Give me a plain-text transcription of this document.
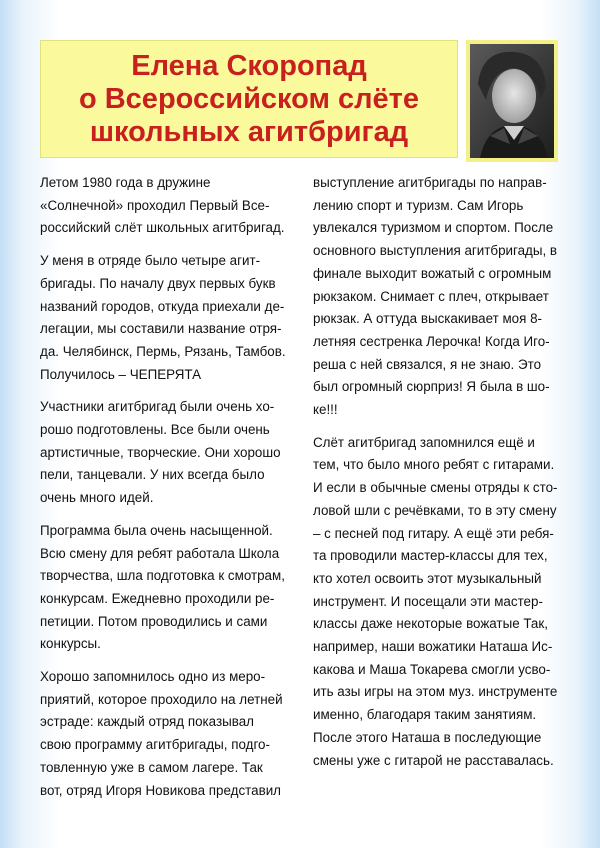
Елена Скоропад
о Всероссийском слёте
школьных агитбригад

Летом 1980 года в дружине
«Солнечной» проходил Первый Все-
российский слёт школьных агитбригад.

У меня в отряде было четыре агит-
бригады. По началу двух первых букв
названий городов, откуда приехали де-
легации, мы составили название отря-
да. Челябинск, Пермь, Рязань, Тамбов.
Получилось – ЧЕПЕРЯТА

Участники агитбригад были очень хо-
рошо подготовлены. Все были очень
артистичные, творческие. Они хорошо
пели, танцевали. У них всегда было
очень много идей.

Программа была очень насыщенной.
Всю смену для ребят работала Школа
творчества, шла подготовка к смотрам,
конкурсам. Ежедневно проходили ре-
петиции. Потом проводились и сами
конкурсы.

Хорошо запомнилось одно из меро-
приятий, которое проходило на летней
эстраде: каждый отряд показывал
свою программу агитбригады, подго-
товленную уже в самом лагере. Так
вот, отряд Игоря Новикова представил

выступление агитбригады по направ-
лению спорт и туризм. Сам Игорь
увлекался туризмом и спортом. После
основного выступления агитбригады, в
финале выходит вожатый с огромным
рюкзаком. Снимает с плеч, открывает
рюкзак. А оттуда выскакивает моя 8-
летняя сестренка Лерочка! Когда Иго-
реша с ней связался, я не знаю. Это
был огромный сюрприз! Я была в шо-
ке!!!

Слёт агитбригад запомнился ещё и
тем, что было много ребят с гитарами.
И если в обычные смены отряды к сто-
ловой шли с речёвками, то в эту смену
– с песней под гитару. А ещё эти ребя-
та проводили мастер-классы для тех,
кто хотел освоить этот музыкальный
инструмент. И посещали эти мастер-
классы даже некоторые вожатые Так,
например, наши вожатики Наташа Ис-
какова и Маша Токарева смогли усво-
ить азы игры на этом муз. инструменте
именно, благодаря таким занятиям.
После этого Наташа в последующие
смены уже с гитарой не расставалась.
